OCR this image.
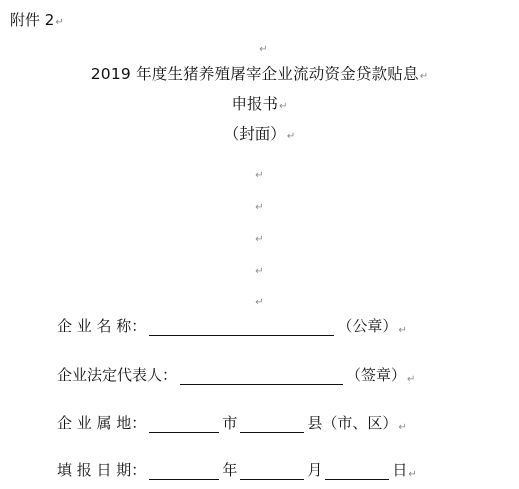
附件 2↵
↵
2019 年度生猪养殖屠宰企业流动资金贷款贴息↵
申报书↵
（封面）↵
↵
↵
↵
↵
↵
企 业 名 称：	（公章） ↵
企业法定代表人：	（签章） ↵
企 业 属 地：	市	县（市、区） ↵
填 报 日 期：	年	月	日 ↵
